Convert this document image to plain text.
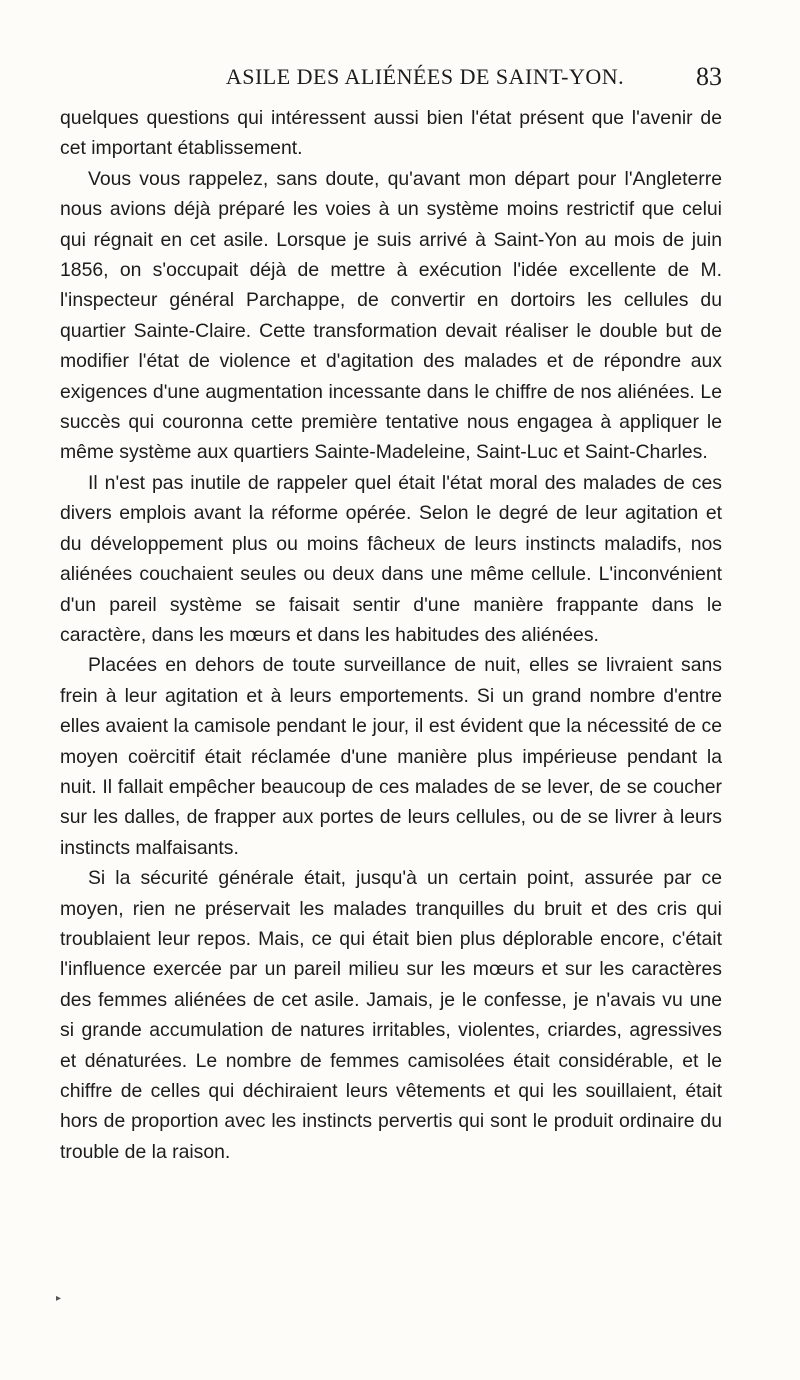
ASILE DES ALIÉNÉES DE SAINT-YON.	83

quelques questions qui intéressent aussi bien l'état présent que l'avenir de cet important établissement.

Vous vous rappelez, sans doute, qu'avant mon départ pour l'Angleterre nous avions déjà préparé les voies à un système moins restrictif que celui qui régnait en cet asile. Lorsque je suis arrivé à Saint-Yon au mois de juin 1856, on s'occupait déjà de mettre à exécution l'idée excellente de M. l'inspecteur général Parchappe, de convertir en dortoirs les cellules du quartier Sainte-Claire. Cette transformation devait réaliser le double but de modifier l'état de violence et d'agitation des malades et de répondre aux exigences d'une augmentation incessante dans le chiffre de nos aliénées. Le succès qui couronna cette première tentative nous engagea à appliquer le même système aux quartiers Sainte-Madeleine, Saint-Luc et Saint-Charles.

Il n'est pas inutile de rappeler quel était l'état moral des malades de ces divers emplois avant la réforme opérée. Selon le degré de leur agitation et du développement plus ou moins fâcheux de leurs instincts maladifs, nos aliénées couchaient seules ou deux dans une même cellule. L'inconvénient d'un pareil système se faisait sentir d'une manière frappante dans le caractère, dans les mœurs et dans les habitudes des aliénées.

Placées en dehors de toute surveillance de nuit, elles se livraient sans frein à leur agitation et à leurs emportements. Si un grand nombre d'entre elles avaient la camisole pendant le jour, il est évident que la nécessité de ce moyen coërcitif était réclamée d'une manière plus impérieuse pendant la nuit. Il fallait empêcher beaucoup de ces malades de se lever, de se coucher sur les dalles, de frapper aux portes de leurs cellules, ou de se livrer à leurs instincts malfaisants.

Si la sécurité générale était, jusqu'à un certain point, assurée par ce moyen, rien ne préservait les malades tranquilles du bruit et des cris qui troublaient leur repos. Mais, ce qui était bien plus déplorable encore, c'était l'influence exercée par un pareil milieu sur les mœurs et sur les caractères des femmes aliénées de cet asile. Jamais, je le confesse, je n'avais vu une si grande accumulation de natures irritables, violentes, criardes, agressives et dénaturées. Le nombre de femmes camisolées était considérable, et le chiffre de celles qui déchiraient leurs vêtements et qui les souillaient, était hors de proportion avec les instincts pervertis qui sont le produit ordinaire du trouble de la raison.

▸
